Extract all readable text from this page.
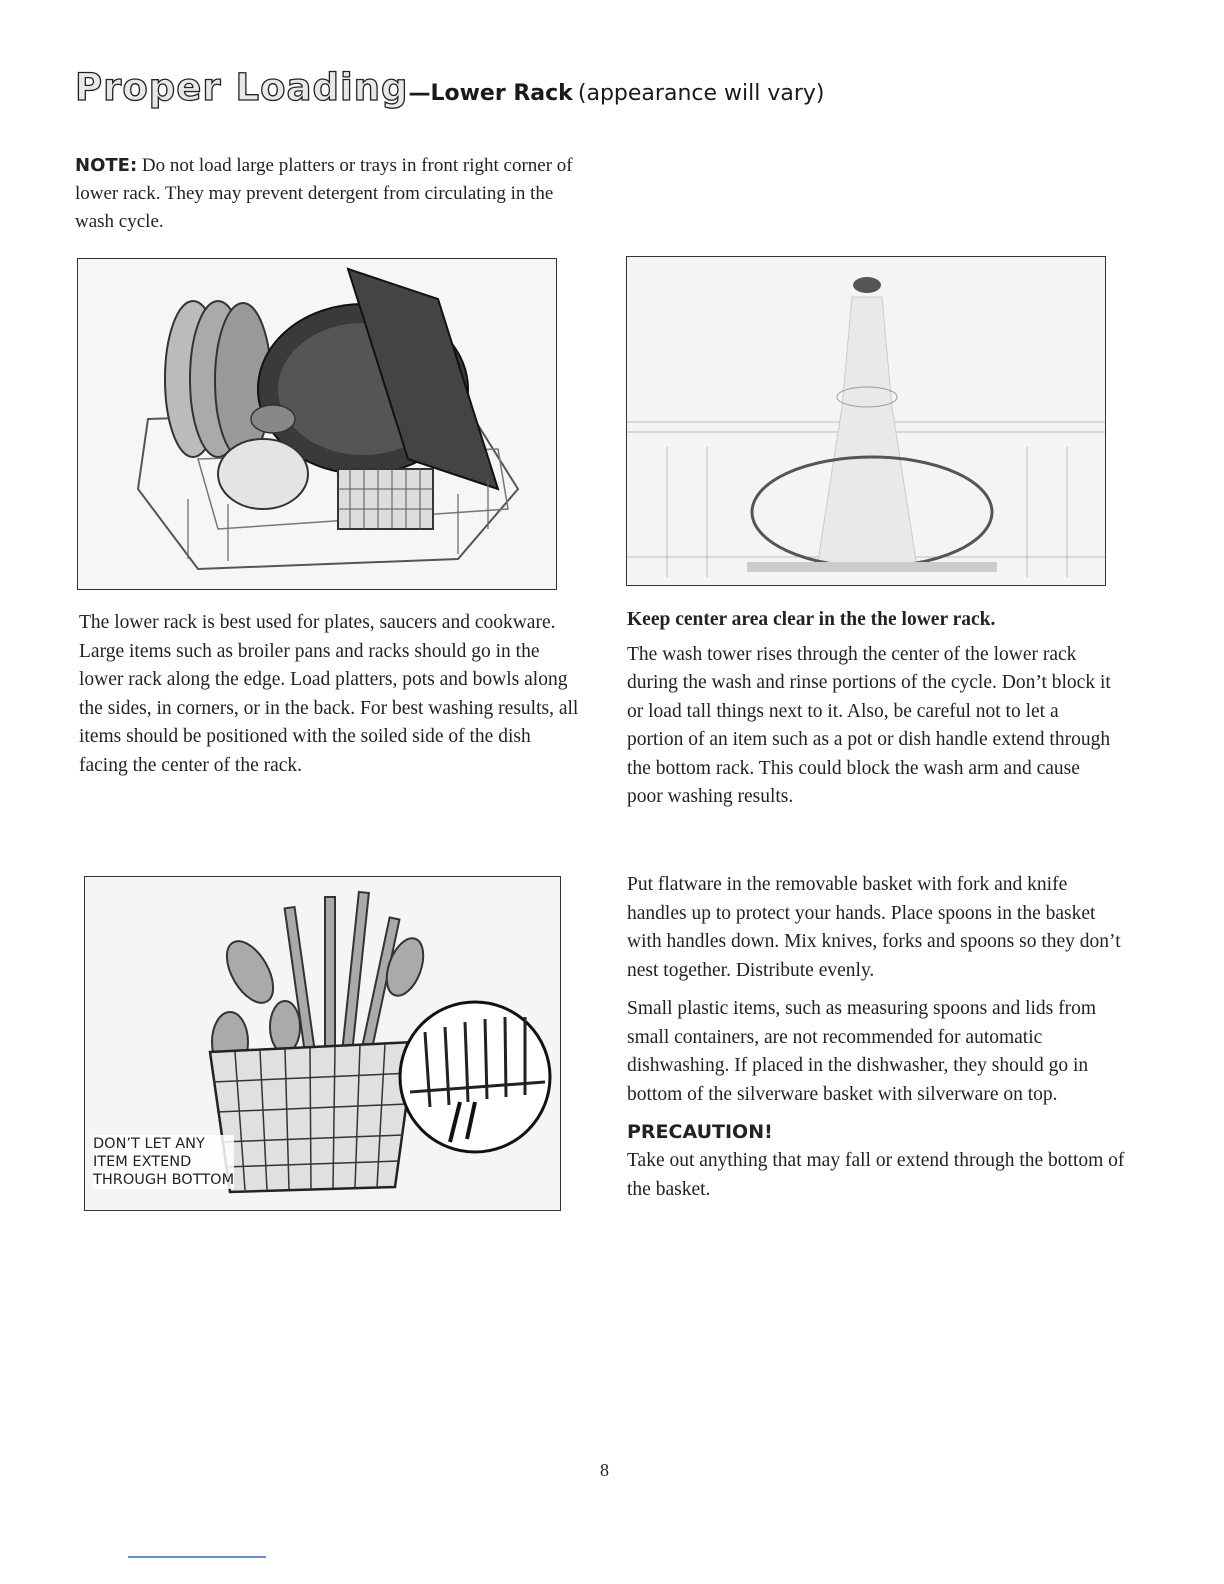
Proper Loading—Lower Rack (appearance will vary)
NOTE: Do not load large platters or trays in front right corner of lower rack. They may prevent detergent from circulating in the wash cycle.
DON’T LET ANY
ITEM EXTEND
THROUGH BOTTOM

The lower rack is best used for plates, saucers and cookware. Large items such as broiler pans and racks should go in the lower rack along the edge. Load platters, pots and bowls along the sides, in corners, or in the back. For best washing results, all items should be positioned with the soiled side of the dish facing the center of the rack.

Keep center area clear in the the lower rack.

The wash tower rises through the center of the lower rack during the wash and rinse portions of the cycle. Don’t block it or load tall things next to it. Also, be careful not to let a portion of an item such as a pot or dish handle extend through the bottom rack. This could block the wash arm and cause poor washing results.

Put flatware in the removable basket with fork and knife handles up to protect your hands. Place spoons in the basket with handles down. Mix knives, forks and spoons so they don’t nest together. Distribute evenly.

Small plastic items, such as measuring spoons and lids from small containers, are not recommended for automatic dishwashing. If placed in the dishwasher, they should go in bottom of the silverware basket with silverware on top.

PRECAUTION!

Take out anything that may fall or extend through the bottom of the basket.

8
